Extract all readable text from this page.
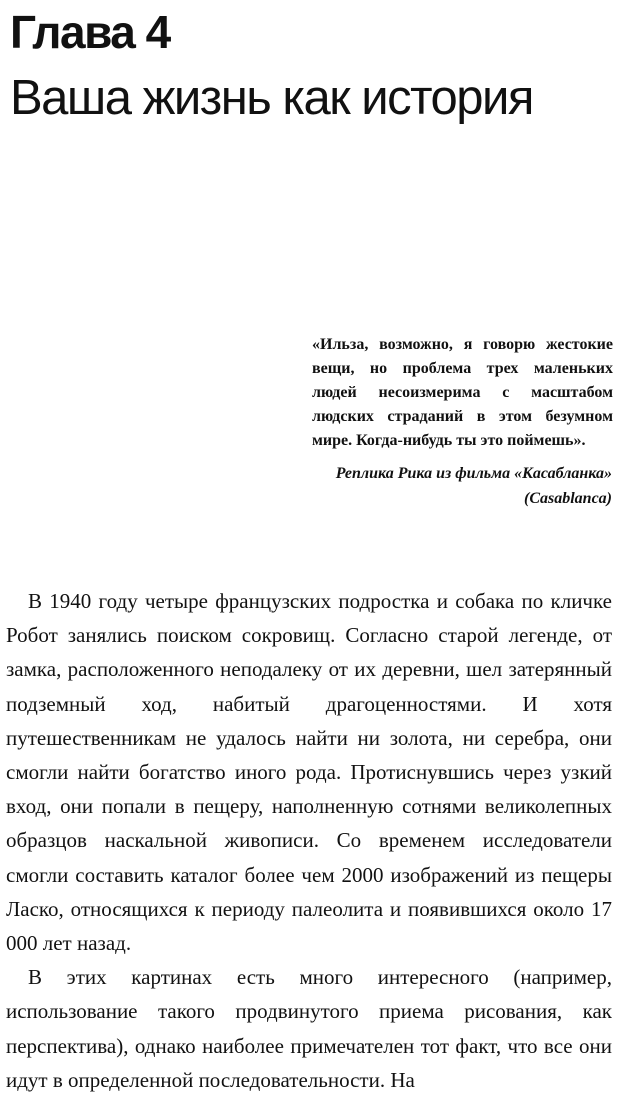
Глава 4
Ваша жизнь как история

«Ильза, возможно, я говорю жестокие вещи, но проблема трех маленьких людей несоизмерима с масштабом людских страданий в этом безумном мире. Когда-нибудь ты это поймешь».

Реплика Рика из фильма «Касабланка» (Casablanca)

В 1940 году четыре французских подростка и собака по кличке Робот занялись поиском сокровищ. Согласно старой легенде, от замка, расположенного неподалеку от их деревни, шел затерянный подземный ход, набитый драгоценностями. И хотя путешественникам не удалось найти ни золота, ни серебра, они смогли найти богатство иного рода. Протиснувшись через узкий вход, они попали в пещеру, наполненную сотнями великолепных образцов наскальной живописи. Со временем исследователи смогли составить каталог более чем 2000 изображений из пещеры Ласко, относящихся к периоду палеолита и появившихся около 17 000 лет назад.

В этих картинах есть много интересного (например, использование такого продвинутого приема рисования, как перспектива), однако наиболее примечателен тот факт, что все они идут в определенной последовательности. На
